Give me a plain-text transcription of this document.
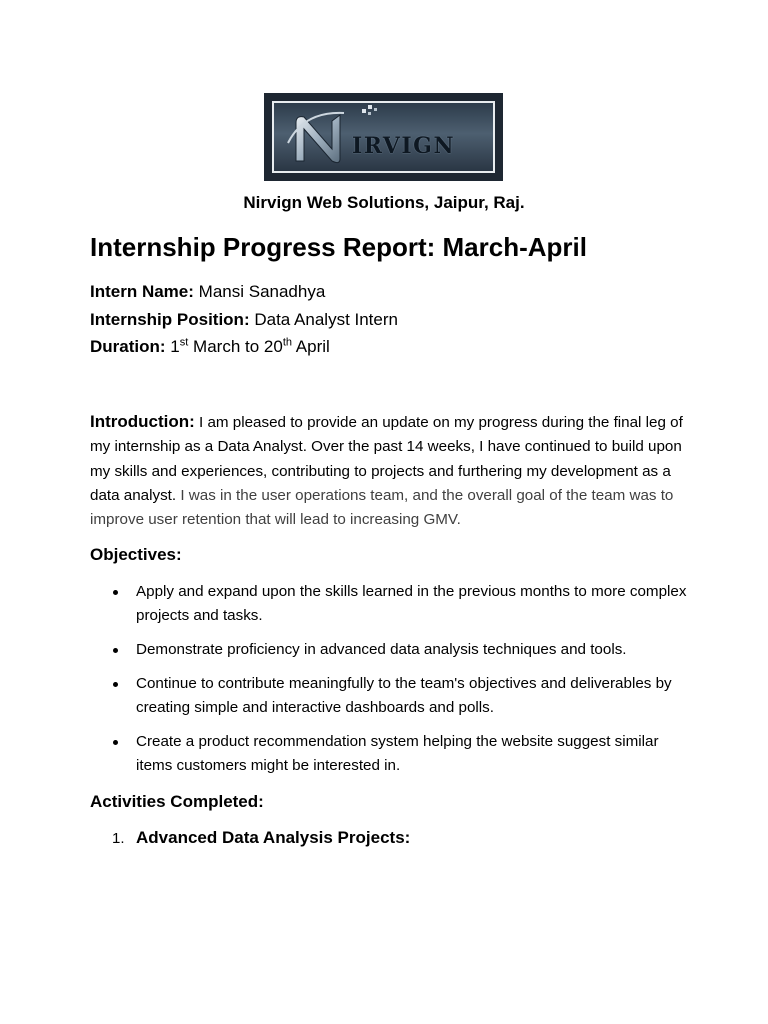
IRVIGN
Nirvign Web Solutions, Jaipur, Raj.
Internship Progress Report: March-April
Intern Name: Mansi Sanadhya
Internship Position: Data Analyst Intern
Duration: 1st March to 20th April
Introduction: I am pleased to provide an update on my progress during the final leg of my internship as a Data Analyst. Over the past 14 weeks, I have continued to build upon my skills and experiences, contributing to projects and furthering my development as a data analyst. I was in the user operations team, and the overall goal of the team was to improve user retention that will lead to increasing GMV.
Objectives:
Apply and expand upon the skills learned in the previous months to more complex projects and tasks.
Demonstrate proficiency in advanced data analysis techniques and tools.
Continue to contribute meaningfully to the team's objectives and deliverables by creating simple and interactive dashboards and polls.
Create a product recommendation system helping the website suggest similar items customers might be interested in.
Activities Completed:
1. Advanced Data Analysis Projects:
